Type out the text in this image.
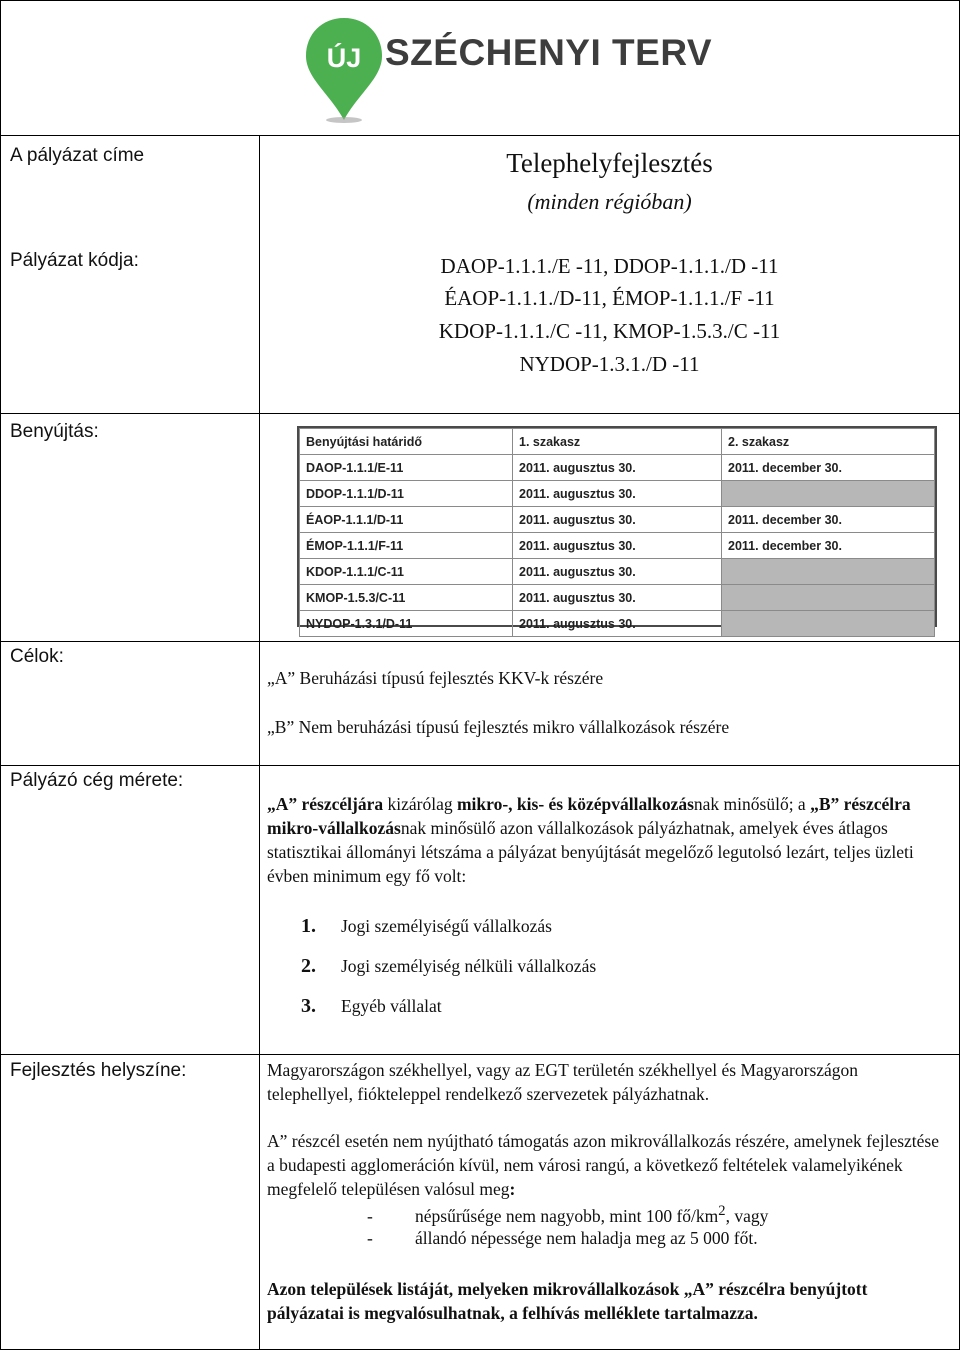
ÚJ SZÉCHENYI TERV
A pályázat címe	Telephelyfejlesztés
(minden régióban)
Pályázat kódja:	DAOP-1.1.1./E -11, DDOP-1.1.1./D -11
ÉAOP-1.1.1./D-11, ÉMOP-1.1.1./F -11
KDOP-1.1.1./C -11, KMOP-1.5.3./C -11
NYDOP-1.3.1./D -11
Benyújtás:	Benyújtási határidő	1. szakasz	2. szakasz
DAOP-1.1.1/E-11	2011. augusztus 30.	2011. december 30.
DDOP-1.1.1/D-11	2011. augusztus 30.	
ÉAOP-1.1.1/D-11	2011. augusztus 30.	2011. december 30.
ÉMOP-1.1.1/F-11	2011. augusztus 30.	2011. december 30.
KDOP-1.1.1/C-11	2011. augusztus 30.	
KMOP-1.5.3/C-11	2011. augusztus 30.	
NYDOP-1.3.1/D-11	2011. augusztus 30.	
Célok:
„A” Beruházási típusú fejlesztés KKV-k részére
„B” Nem beruházási típusú fejlesztés mikro vállalkozások részére
Pályázó cég mérete:
„A” részcéljára kizárólag mikro-, kis- és középvállalkozásnak minősülő; a „B” részcélra mikro-vállalkozásnak minősülő azon vállalkozások pályázhatnak, amelyek éves átlagos statisztikai állományi létszáma a pályázat benyújtását megelőző legutolsó lezárt, teljes üzleti évben minimum egy fő volt:
1. Jogi személyiségű vállalkozás
2. Jogi személyiség nélküli vállalkozás
3. Egyéb vállalat
Fejlesztés helyszíne:	Magyarországon székhellyel, vagy az EGT területén székhellyel és Magyarországon telephellyel, fiókteleppel rendelkező szervezetek pályázhatnak.
A” részcél esetén nem nyújtható támogatás azon mikrovállalkozás részére, amelynek fejlesztése a budapesti agglomeráción kívül, nem városi rangú, a következő feltételek valamelyikének megfelelő településen valósul meg:
- népsűrűsége nem nagyobb, mint 100 $fő/km^2$, vagy
- állandó népessége nem haladja meg az 5 000 főt.
Azon települések listáját, melyeken mikrovállalkozások „A” részcélra benyújtott pályázatai is megvalósulhatnak, a felhívás melléklete tartalmazza.
